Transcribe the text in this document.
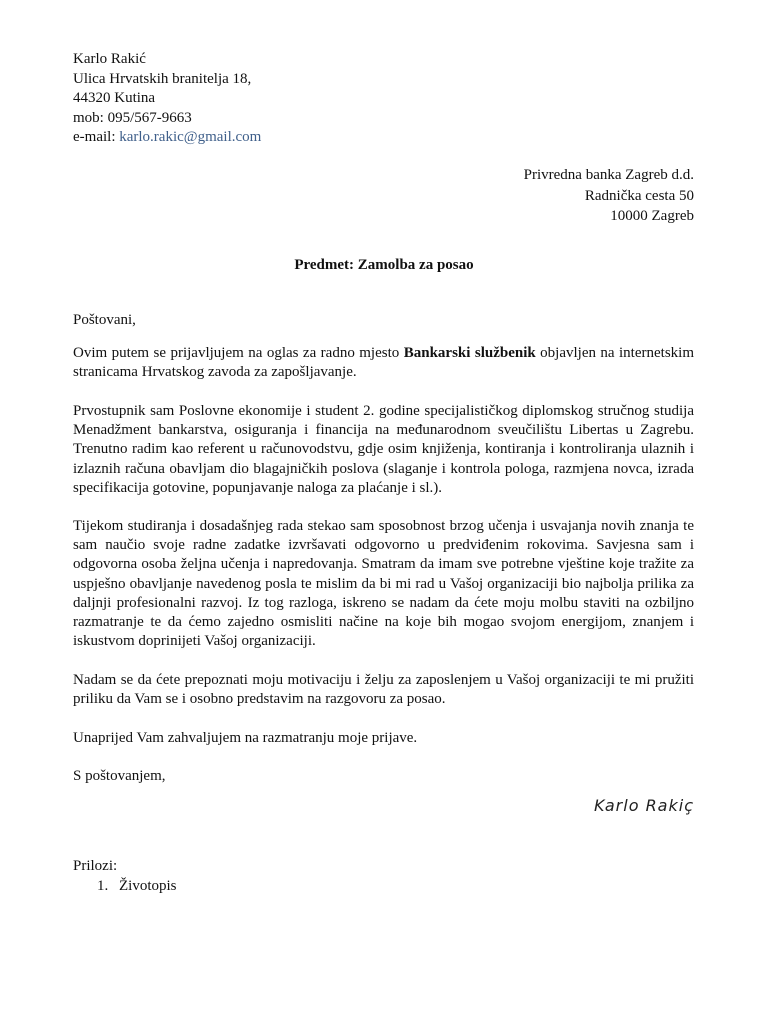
Karlo Rakić
Ulica Hrvatskih branitelja 18,
44320 Kutina
mob: 095/567-9663
e-mail: karlo.rakic@gmail.com
Privredna banka Zagreb d.d.
Radnička cesta 50
10000 Zagreb
Predmet: Zamolba za posao
Poštovani,
Ovim putem se prijavljujem na oglas za radno mjesto Bankarski službenik objavljen na internetskim stranicama Hrvatskog zavoda za zapošljavanje.
Prvostupnik sam Poslovne ekonomije i student 2. godine specijalističkog diplomskog stručnog studija Menadžment bankarstva, osiguranja i financija na međunarodnom sveučilištu Libertas u Zagrebu. Trenutno radim kao referent u računovodstvu, gdje osim knjiženja, kontiranja i kontroliranja ulaznih i izlaznih računa obavljam dio blagajničkih poslova (slaganje i kontrola pologa, razmjena novca, izrada specifikacija gotovine, popunjavanje naloga za plaćanje i sl.).
Tijekom studiranja i dosadašnjeg rada stekao sam sposobnost brzog učenja i usvajanja novih znanja te sam naučio svoje radne zadatke izvršavati odgovorno u predviđenim rokovima. Savjesna sam i odgovorna osoba željna učenja i napredovanja. Smatram da imam sve potrebne vještine koje tražite za uspješno obavljanje navedenog posla te mislim da bi mi rad u Vašoj organizaciji bio najbolja prilika za daljnji profesionalni razvoj. Iz tog razloga, iskreno se nadam da ćete moju molbu staviti na ozbiljno razmatranje te da ćemo zajedno osmisliti načine na koje bih mogao svojom energijom, znanjem i iskustvom doprinijeti Vašoj organizaciji.
Nadam se da ćete prepoznati moju motivaciju i želju za zaposlenjem u Vašoj organizaciji te mi pružiti priliku da Vam se i osobno predstavim na razgovoru za posao.
Unaprijed Vam zahvaljujem na razmatranju moje prijave.
S poštovanjem,
Karlo Rakiç
Prilozi:
1. Životopis
